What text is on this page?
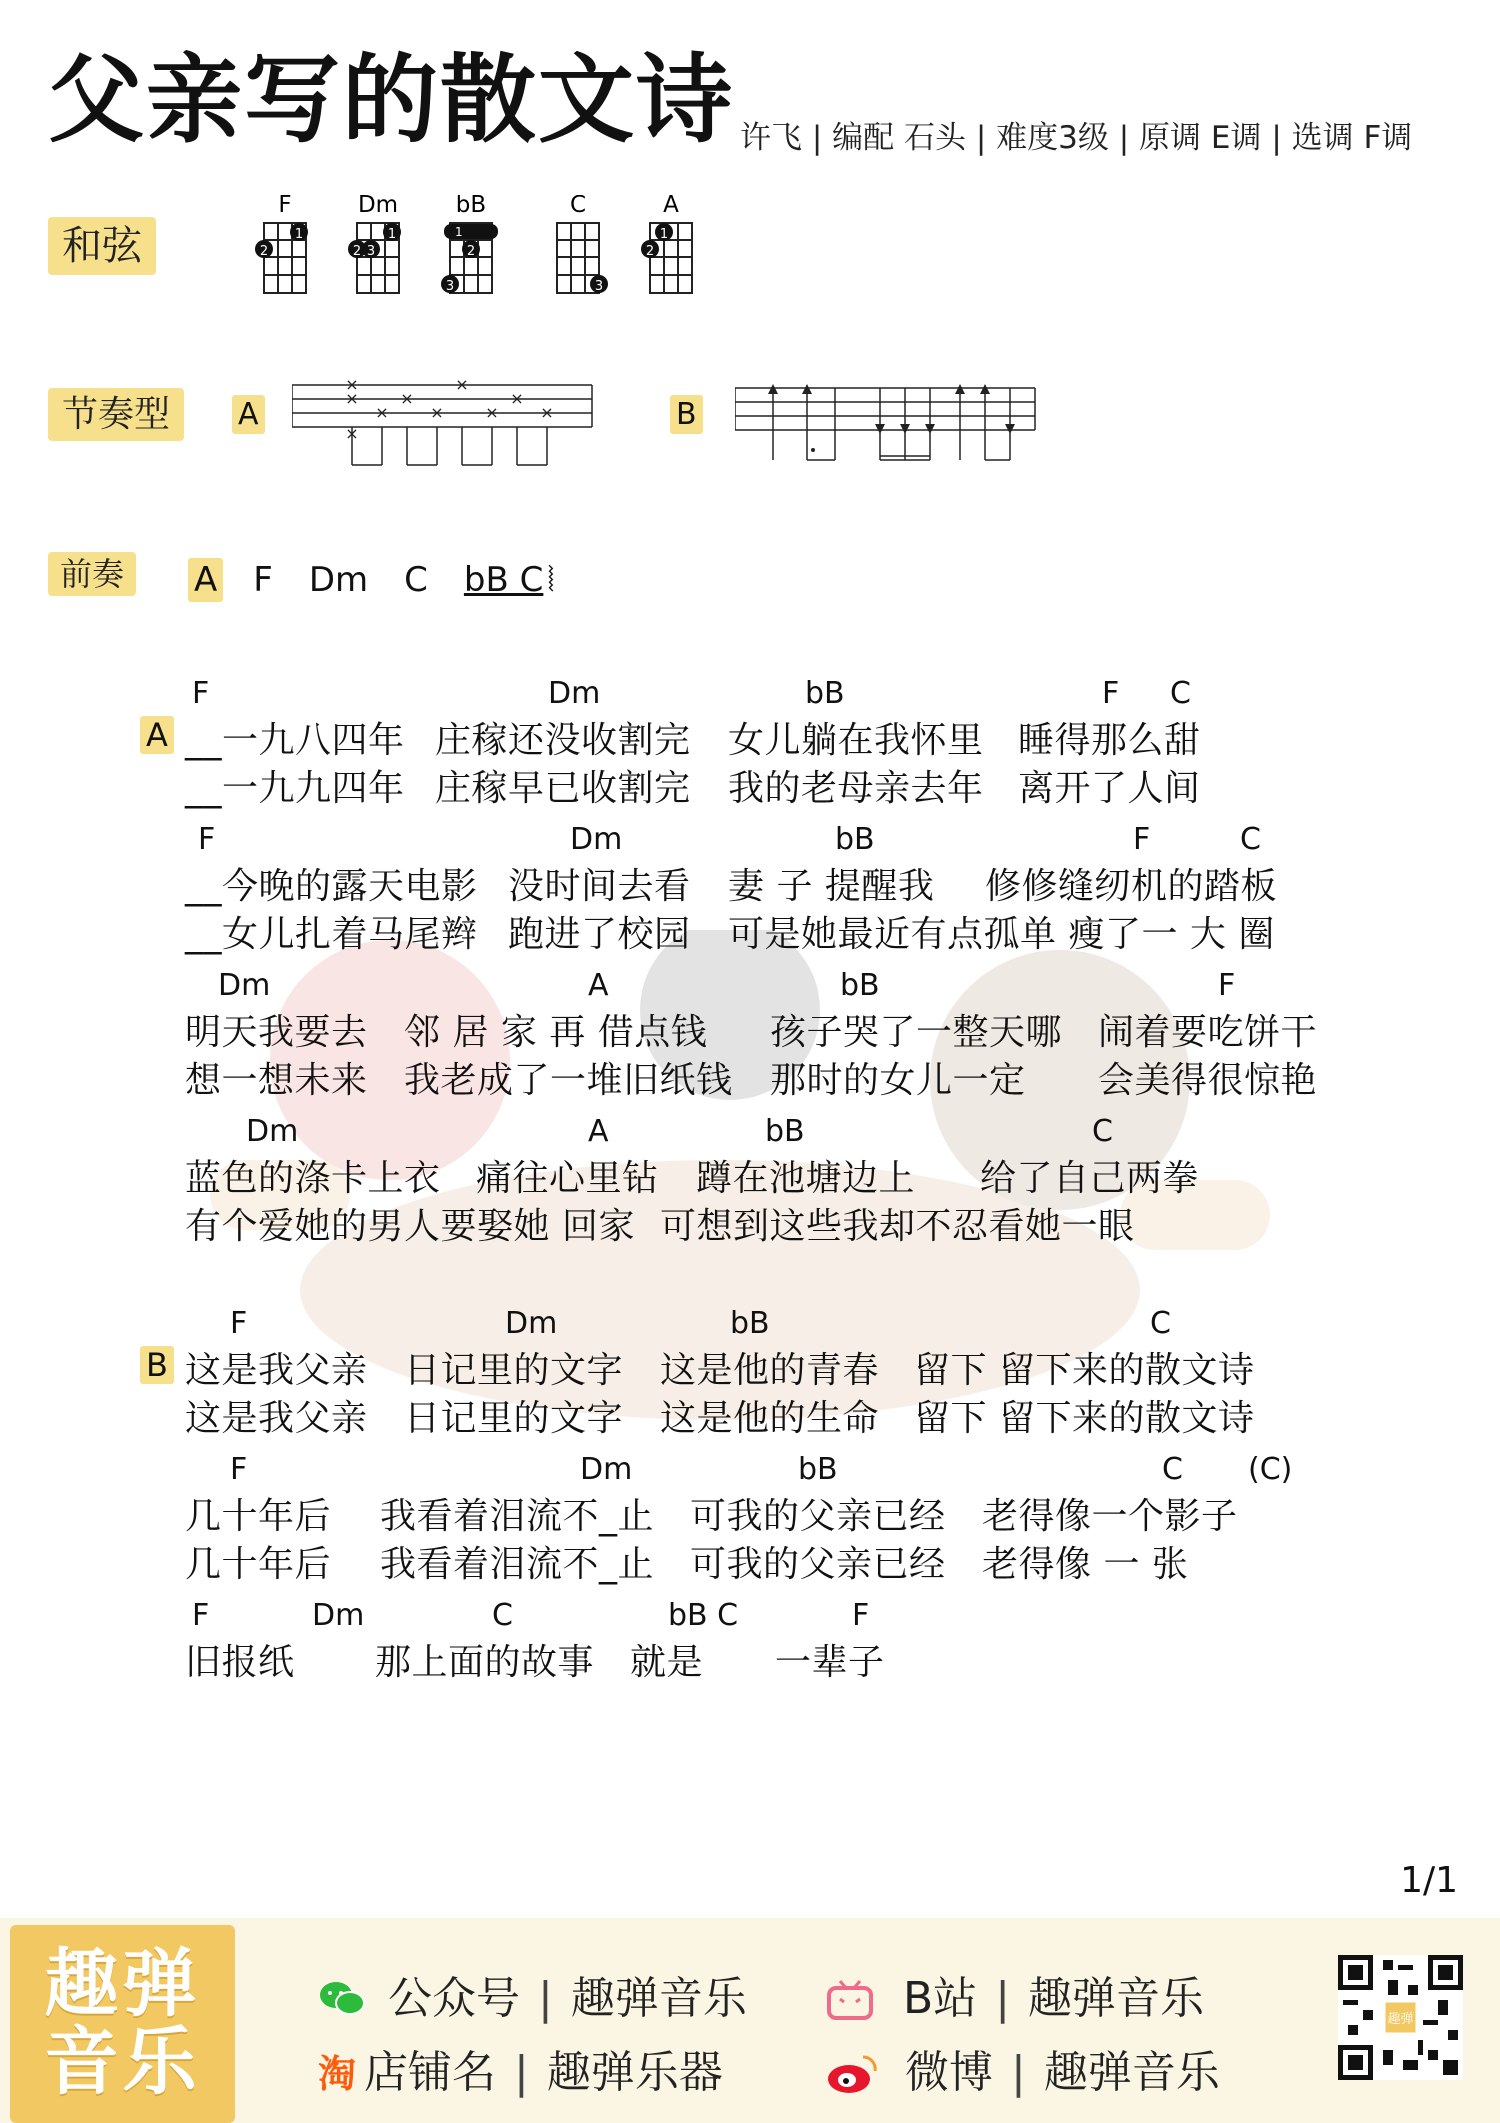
父亲写的散文诗 许飞 | 编配 石头 | 难度3级 | 原调 E调 | 选调 F调
和弦
F
1
2
Dm
1
2 3
bB
1
2
3
C
3
A
1
2
节奏型	A
×
×
×
×
×
×
×
×
×
×	B
前奏	A F Dm C bB C ⦚
A
F	Dm	bB	F C
__一九八四年 庄稼还没收割完 女儿躺在我怀里 睡得那么甜
__一九九四年 庄稼早已收割完 我的老母亲去年 离开了人间
F	Dm	bB	F	C
__今晚的露天电影 没时间去看 妻 子 提醒我 修修缝纫机的踏板
__女儿扎着马尾辫 跑进了校园 可是她最近有点孤单 瘦了一 大 圈
Dm	A	bB	F
明天我要去 邻 居 家 再 借点钱 孩子哭了一整天哪 闹着要吃饼干
想一想未来 我老成了一堆旧纸钱 那时的女儿一定 会美得很惊艳
Dm	A	bB	C
蓝色的涤卡上衣 痛往心里钻 蹲在池塘边上 给了自己两拳
有个爱她的男人要娶她 回家 可想到这些我却不忍看她一眼
B
F	Dm	bB	C
这是我父亲 日记里的文字 这是他的青春 留下 留下来的散文诗
这是我父亲 日记里的文字 这是他的生命 留下 留下来的散文诗
F	Dm	bB	C (C)
几十年后 我看着泪流不_止 可我的父亲已经 老得像一个影子
几十年后 我看着泪流不_止 可我的父亲已经 老得像 一 张
F	Dm	C	bB C	F
旧报纸 那上面的故事 就是 一辈子
1/1
趣弹
音乐
公众号 | 趣弹音乐	B站 | 趣弹音乐
淘 店铺名 | 趣弹乐器	微博 | 趣弹音乐
趣弹
